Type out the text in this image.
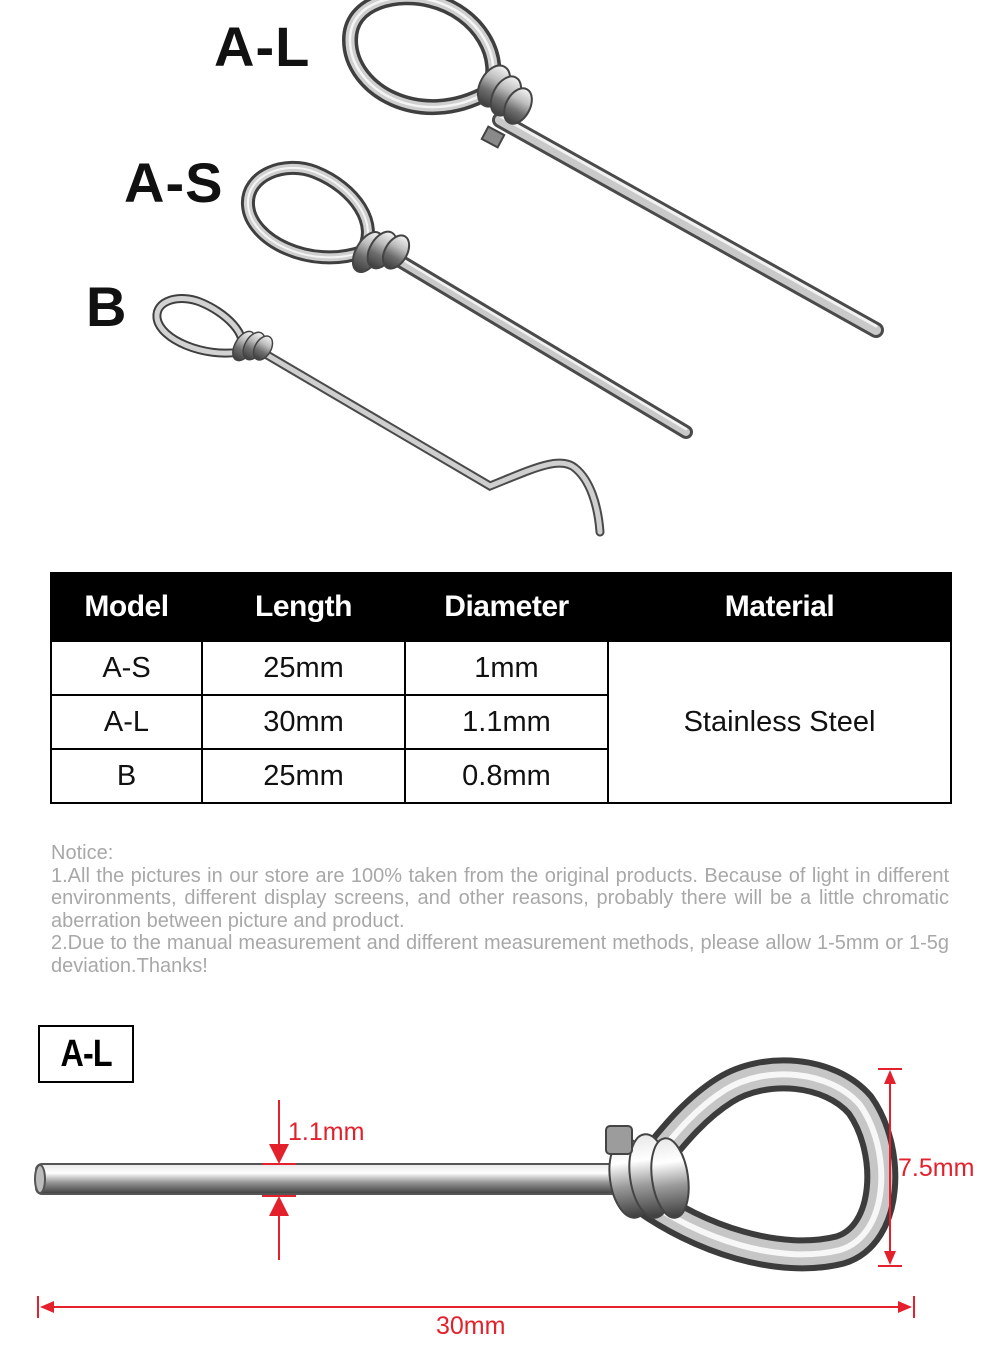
A-L
A-S
B
Model	Length	Diameter	Material
A-S	25mm	1mm	Stainless Steel
A-L	30mm	1.1mm	
B	25mm	0.8mm	

Notice:

1.All the pictures in our store are 100% taken from the original products. Because of light in different environments, different display screens, and other reasons, probably there will be a little chromatic aberration between picture and product.

2.Due to the manual measurement and different measurement methods, please allow 1-5mm or 1-5g deviation.Thanks!

A-L
1.1mm
7.5mm
30mm
